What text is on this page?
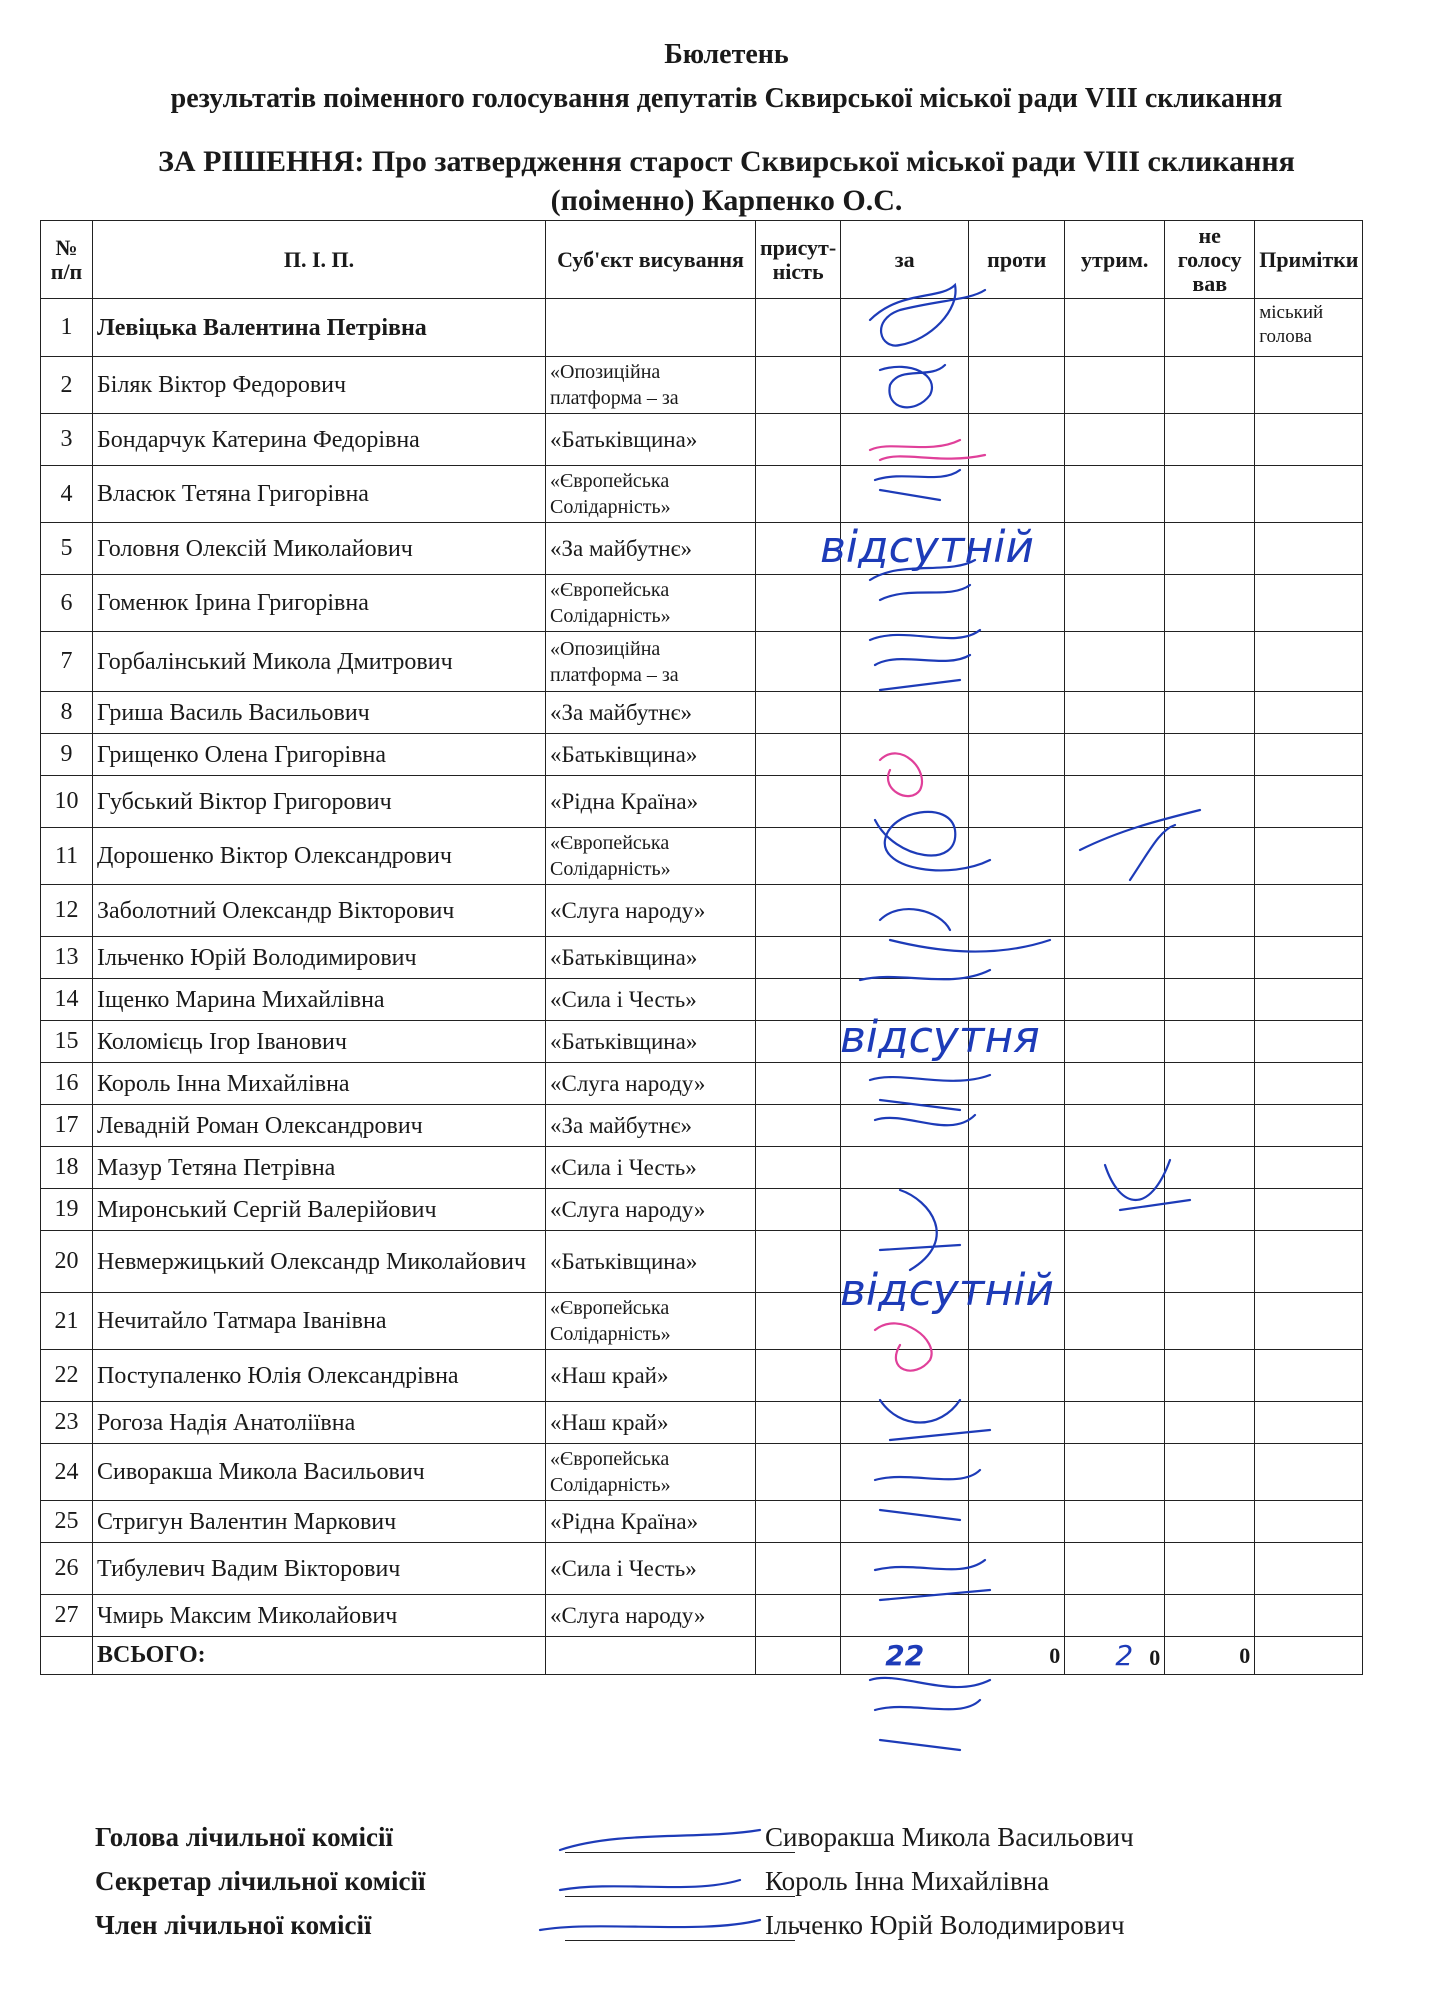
Бюлетень

результатів поіменного голосування депутатів Сквирської міської ради VIII скликання

ЗА РІШЕННЯ: Про затвердження старост Сквирської міської ради VIII скликання

(поіменно) Карпенко О.С.

№ п/п	П. І. П.	Суб'єкт висування	присут-ність	за	проти	утрим.	не голосу вав	Примітки
1	Левіцька Валентина Петрівна							міський голова
2	Біляк Віктор Федорович	«Опозиційна платформа – за						
3	Бондарчук Катерина Федорівна	«Батьківщина»						
4	Власюк Тетяна Григорівна	«Європейська Солідарність»						
5	Головня Олексій Миколайович	«За майбутнє»						
6	Гоменюк Ірина Григорівна	«Європейська Солідарність»						
7	Горбалінський Микола Дмитрович	«Опозиційна платформа – за						
8	Гриша Василь Васильович	«За майбутнє»						
9	Грищенко Олена Григорівна	«Батьківщина»						
10	Губський Віктор Григорович	«Рідна Країна»						
11	Дорошенко Віктор Олександрович	«Європейська Солідарність»						
12	Заболотний Олександр Вікторович	«Слуга народу»						
13	Ільченко Юрій Володимирович	«Батьківщина»						
14	Іщенко Марина Михайлівна	«Сила і Честь»						
15	Коломієць Ігор Іванович	«Батьківщина»						
16	Король Інна Михайлівна	«Слуга народу»						
17	Левадній Роман Олександрович	«За майбутнє»						
18	Мазур Тетяна Петрівна	«Сила і Честь»						
19	Миронський Сергій Валерійович	«Слуга народу»						
20	Невмержицький Олександр Миколайович	«Батьківщина»						
21	Нечитайло Татмара Іванівна	«Європейська Солідарність»						
22	Поступаленко Юлія Олександрівна	«Наш край»						
23	Рогоза Надія Анатоліївна	«Наш край»						
24	Сиворакша Микола Васильович	«Європейська Солідарність»						
25	Стригун Валентин Маркович	«Рідна Країна»						
26	Тибулевич Вадим Вікторович	«Сила і Честь»						
27	Чмирь Максим Миколайович	«Слуга народу»						
	ВСЬОГО:			22	0	2 0	0	
відсутній
відсутня
відсутній
Голова лічильної комісії	Сиворакша Микола Васильович
Секретар лічильної комісії	Король Інна Михайлівна
Член лічильної комісії	Ільченко Юрій Володимирович
